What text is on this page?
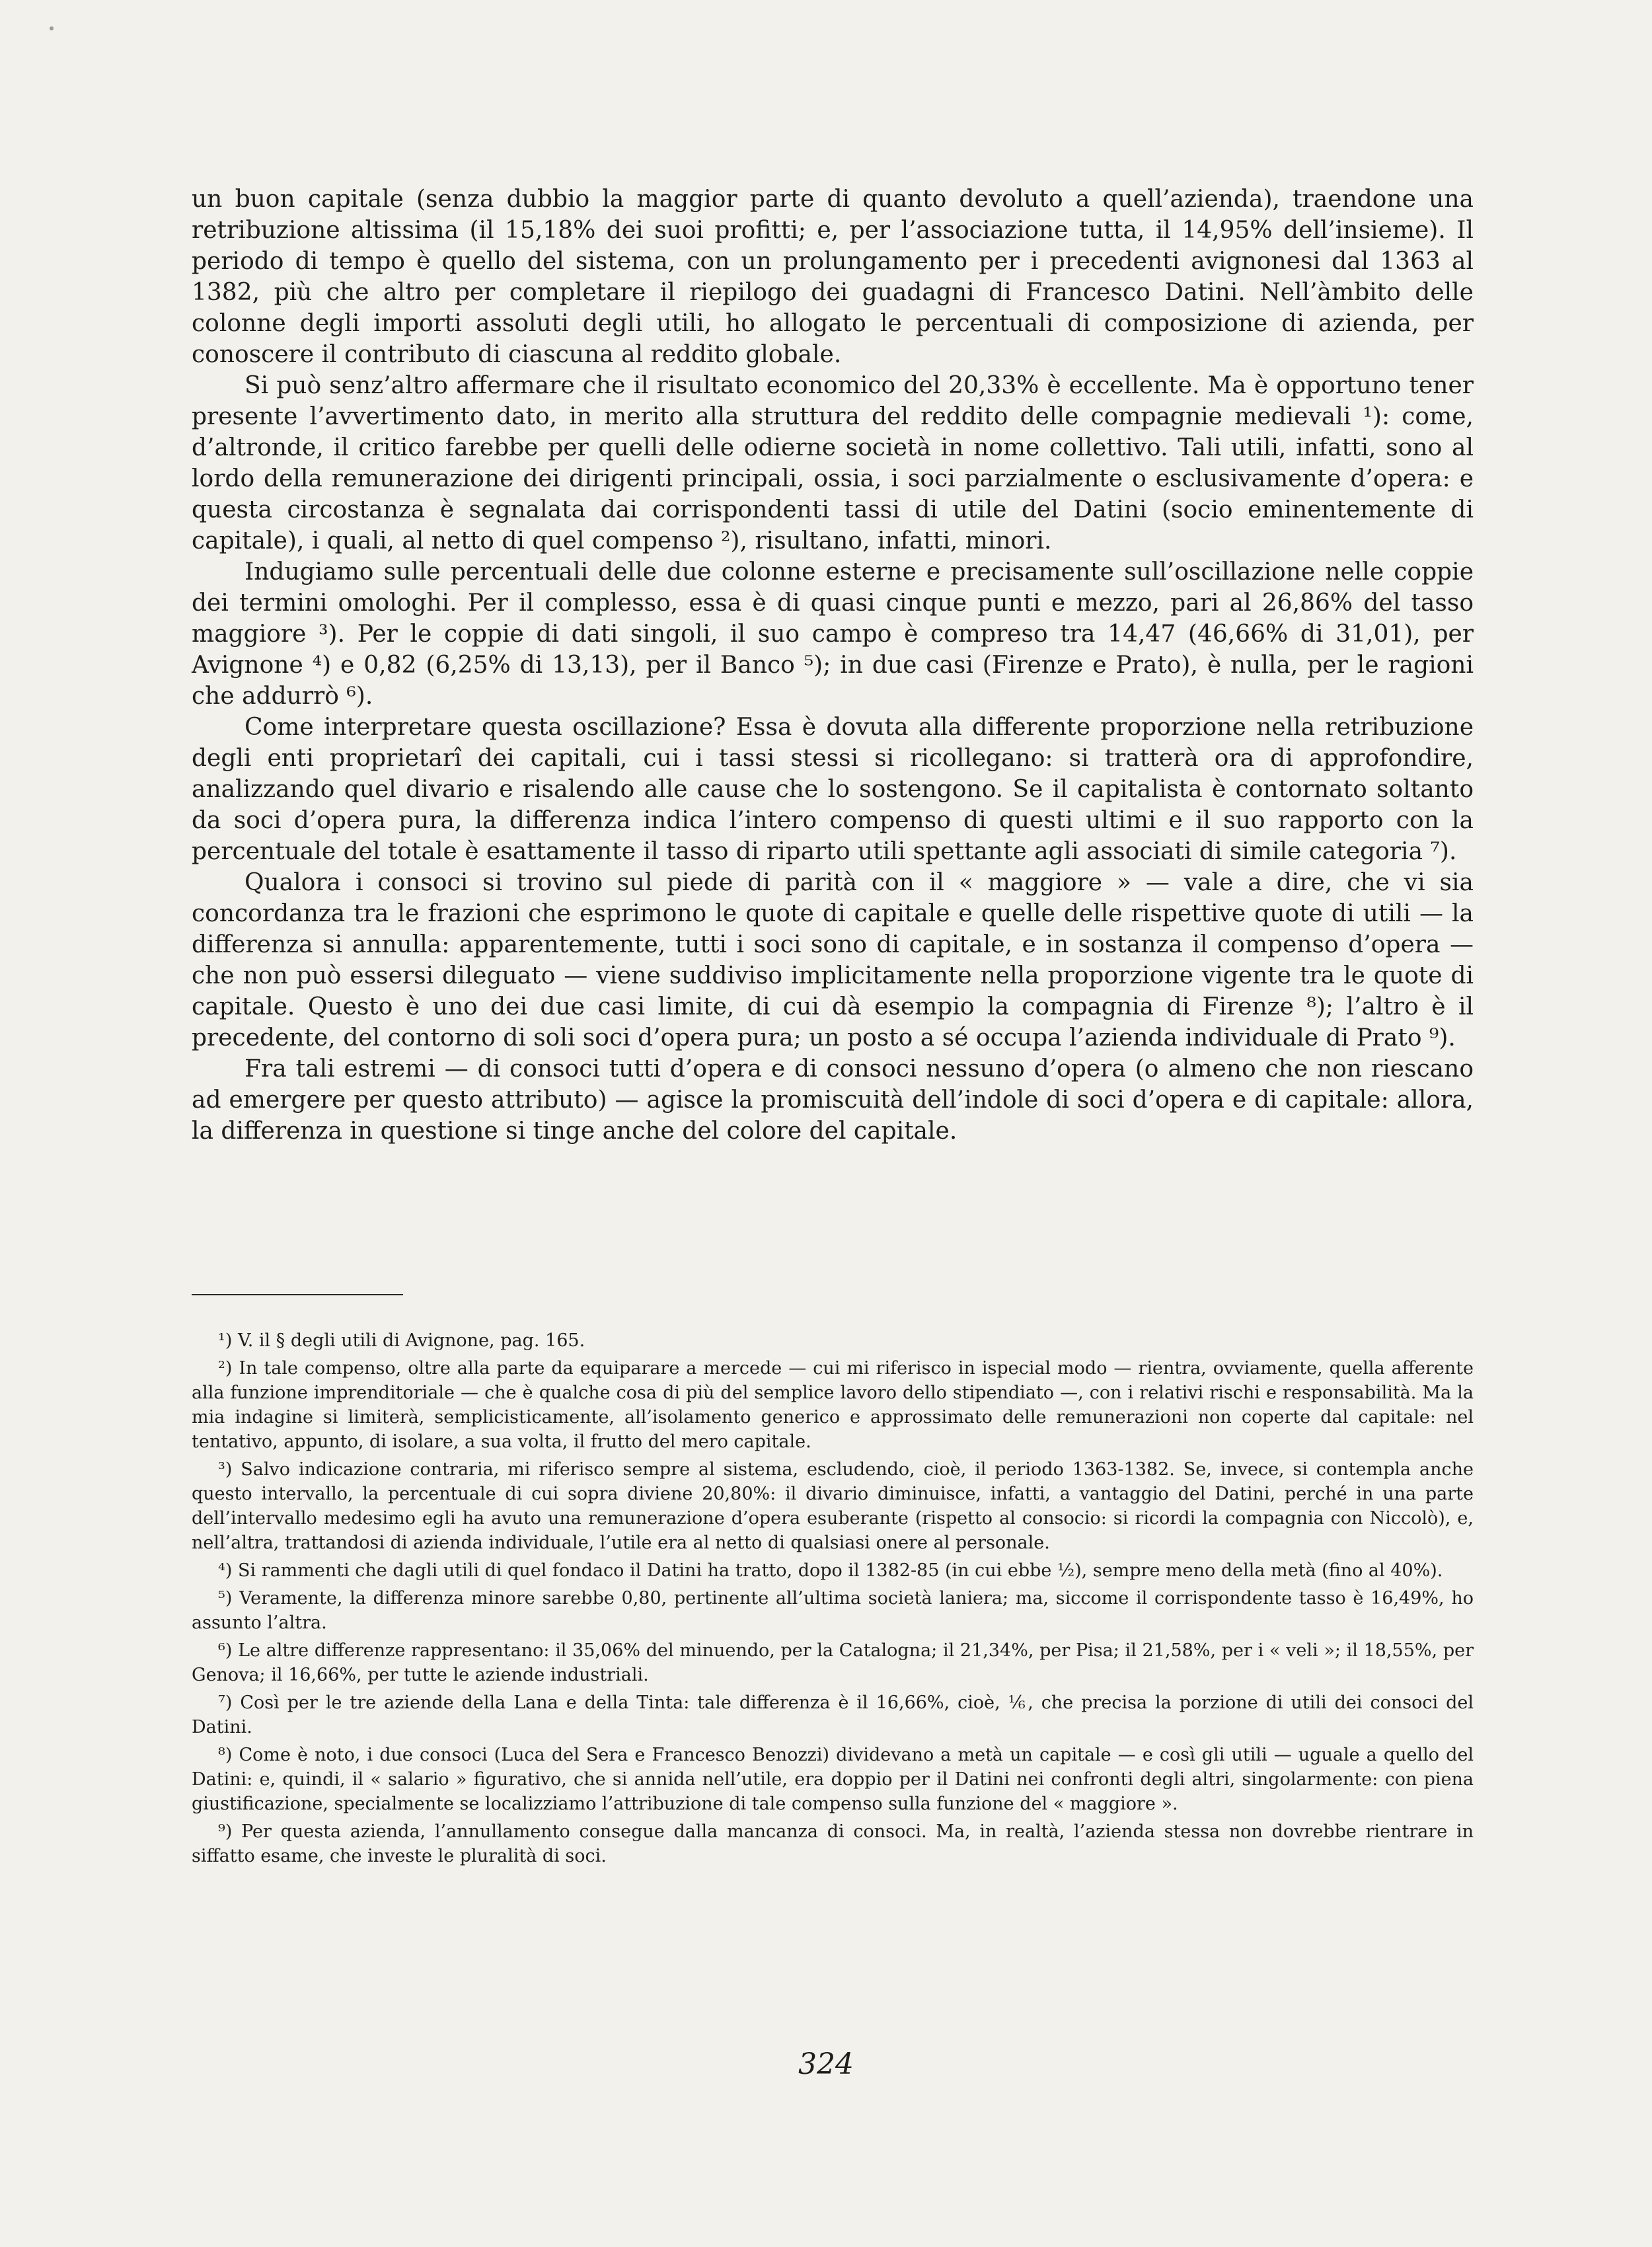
un buon capitale (senza dubbio la maggior parte di quanto devoluto a quell’azienda), traendone una retribuzione altissima (il 15,18% dei suoi profitti; e, per l’associazione tutta, il 14,95% dell’insieme). Il periodo di tempo è quello del sistema, con un prolungamento per i precedenti avignonesi dal 1363 al 1382, più che altro per completare il riepilogo dei guadagni di Francesco Datini. Nell’àmbito delle colonne degli importi assoluti degli utili, ho allogato le percentuali di composizione di azienda, per conoscere il contributo di ciascuna al reddito globale.

Si può senz’altro affermare che il risultato economico del 20,33% è eccellente. Ma è opportuno tener presente l’avvertimento dato, in merito alla struttura del reddito delle compagnie medievali ¹): come, d’altronde, il critico farebbe per quelli delle odierne società in nome collettivo. Tali utili, infatti, sono al lordo della remunerazione dei dirigenti principali, ossia, i soci parzialmente o esclusivamente d’opera: e questa circostanza è segnalata dai corrispondenti tassi di utile del Datini (socio eminentemente di capitale), i quali, al netto di quel compenso ²), risultano, infatti, minori.

Indugiamo sulle percentuali delle due colonne esterne e precisamente sull’oscillazione nelle coppie dei termini omologhi. Per il complesso, essa è di quasi cinque punti e mezzo, pari al 26,86% del tasso maggiore ³). Per le coppie di dati singoli, il suo campo è compreso tra 14,47 (46,66% di 31,01), per Avignone ⁴) e 0,82 (6,25% di 13,13), per il Banco ⁵); in due casi (Firenze e Prato), è nulla, per le ragioni che addurrò ⁶).

Come interpretare questa oscillazione? Essa è dovuta alla differente proporzione nella retribuzione degli enti proprietarî dei capitali, cui i tassi stessi si ricollegano: si tratterà ora di approfondire, analizzando quel divario e risalendo alle cause che lo sostengono. Se il capitalista è contornato soltanto da soci d’opera pura, la differenza indica l’intero compenso di questi ultimi e il suo rapporto con la percentuale del totale è esattamente il tasso di riparto utili spettante agli associati di simile categoria ⁷).

Qualora i consoci si trovino sul piede di parità con il « maggiore » — vale a dire, che vi sia concordanza tra le frazioni che esprimono le quote di capitale e quelle delle rispettive quote di utili — la differenza si annulla: apparentemente, tutti i soci sono di capitale, e in sostanza il compenso d’opera — che non può essersi dileguato — viene suddiviso implicitamente nella proporzione vigente tra le quote di capitale. Questo è uno dei due casi limite, di cui dà esempio la compagnia di Firenze ⁸); l’altro è il precedente, del contorno di soli soci d’opera pura; un posto a sé occupa l’azienda individuale di Prato ⁹).

Fra tali estremi — di consoci tutti d’opera e di consoci nessuno d’opera (o almeno che non riescano ad emergere per questo attributo) — agisce la promiscuità dell’indole di soci d’opera e di capitale: allora, la differenza in questione si tinge anche del colore del capitale.

¹) V. il § degli utili di Avignone, pag. 165.

²) In tale compenso, oltre alla parte da equiparare a mercede — cui mi riferisco in ispecial modo — rientra, ovviamente, quella afferente alla funzione imprenditoriale — che è qualche cosa di più del semplice lavoro dello stipendiato —, con i relativi rischi e responsabilità. Ma la mia indagine si limiterà, semplicisticamente, all’isolamento generico e approssimato delle remunerazioni non coperte dal capitale: nel tentativo, appunto, di isolare, a sua volta, il frutto del mero capitale.

³) Salvo indicazione contraria, mi riferisco sempre al sistema, escludendo, cioè, il periodo 1363-1382. Se, invece, si contempla anche questo intervallo, la percentuale di cui sopra diviene 20,80%: il divario diminuisce, infatti, a vantaggio del Datini, perché in una parte dell’intervallo medesimo egli ha avuto una remunerazione d’opera esuberante (rispetto al consocio: si ricordi la compagnia con Niccolò), e, nell’altra, trattandosi di azienda individuale, l’utile era al netto di qualsiasi onere al personale.

⁴) Si rammenti che dagli utili di quel fondaco il Datini ha tratto, dopo il 1382-85 (in cui ebbe ½), sempre meno della metà (fino al 40%).

⁵) Veramente, la differenza minore sarebbe 0,80, pertinente all’ultima società laniera; ma, siccome il corrispondente tasso è 16,49%, ho assunto l’altra.

⁶) Le altre differenze rappresentano: il 35,06% del minuendo, per la Catalogna; il 21,34%, per Pisa; il 21,58%, per i « veli »; il 18,55%, per Genova; il 16,66%, per tutte le aziende industriali.

⁷) Così per le tre aziende della Lana e della Tinta: tale differenza è il 16,66%, cioè, ⅙, che precisa la porzione di utili dei consoci del Datini.

⁸) Come è noto, i due consoci (Luca del Sera e Francesco Benozzi) dividevano a metà un capitale — e così gli utili — uguale a quello del Datini: e, quindi, il « salario » figurativo, che si annida nell’utile, era doppio per il Datini nei confronti degli altri, singolarmente: con piena giustificazione, specialmente se localizziamo l’attribuzione di tale compenso sulla funzione del « maggiore ».

⁹) Per questa azienda, l’annullamento consegue dalla mancanza di consoci. Ma, in realtà, l’azienda stessa non dovrebbe rientrare in siffatto esame, che investe le pluralità di soci.

324
